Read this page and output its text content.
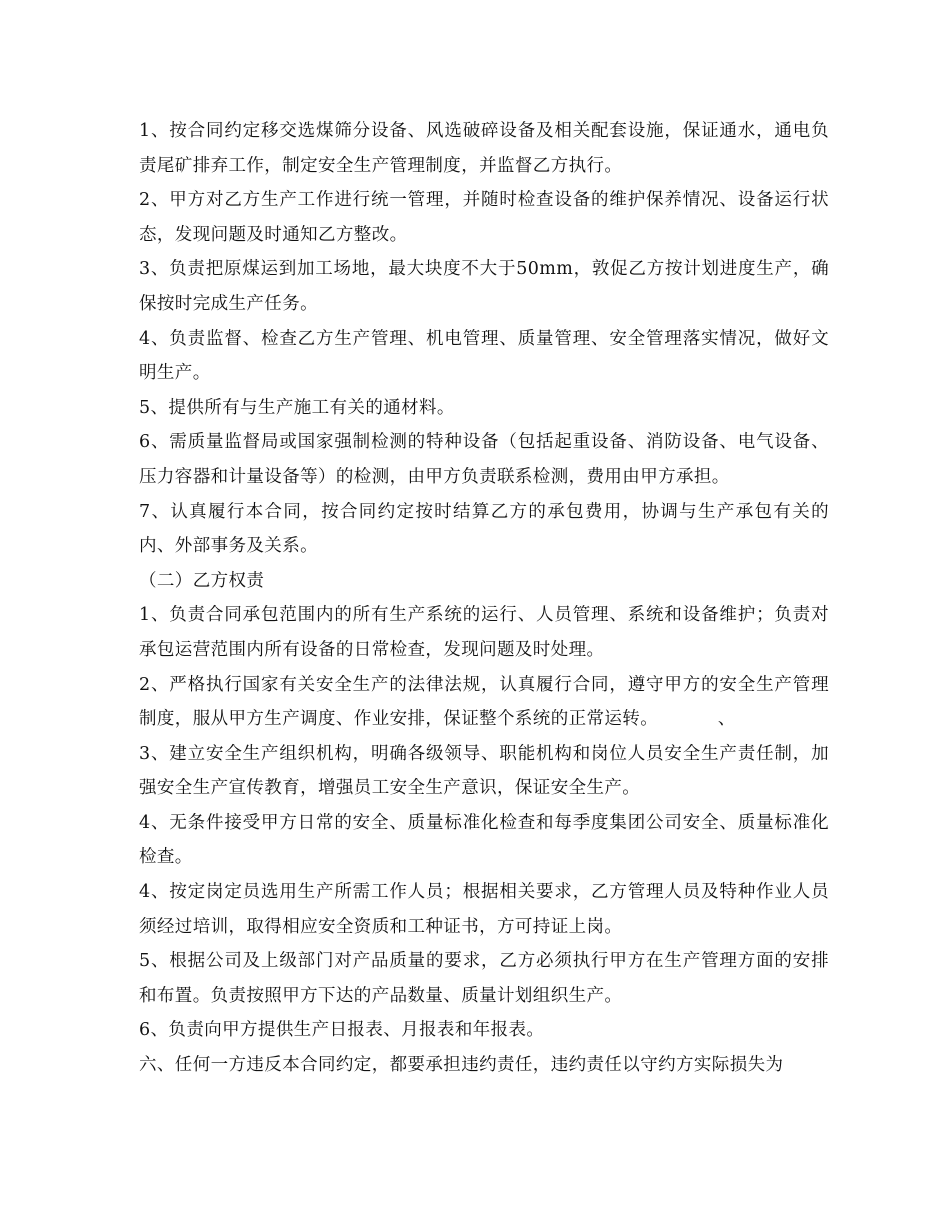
1、按合同约定移交选煤筛分设备、风选破碎设备及相关配套设施，保证通水，通电负责尾矿排弃工作，制定安全生产管理制度，并监督乙方执行。

2、甲方对乙方生产工作进行统一管理，并随时检查设备的维护保养情况、设备运行状态，发现问题及时通知乙方整改。

3、负责把原煤运到加工场地，最大块度不大于50mm，敦促乙方按计划进度生产，确保按时完成生产任务。

4、负责监督、检查乙方生产管理、机电管理、质量管理、安全管理落实情况，做好文明生产。

5、提供所有与生产施工有关的通材料。

6、需质量监督局或国家强制检测的特种设备（包括起重设备、消防设备、电气设备、压力容器和计量设备等）的检测，由甲方负责联系检测，费用由甲方承担。

7、认真履行本合同，按合同约定按时结算乙方的承包费用，协调与生产承包有关的内、外部事务及关系。

（二）乙方权责

1、负责合同承包范围内的所有生产系统的运行、人员管理、系统和设备维护；负责对承包运营范围内所有设备的日常检查，发现问题及时处理。

2、严格执行国家有关安全生产的法律法规，认真履行合同，遵守甲方的安全生产管理制度，服从甲方生产调度、作业安排，保证整个系统的正常运转。          、

3、建立安全生产组织机构，明确各级领导、职能机构和岗位人员安全生产责任制，加强安全生产宣传教育，增强员工安全生产意识，保证安全生产。

4、无条件接受甲方日常的安全、质量标准化检查和每季度集团公司安全、质量标准化检查。

4、按定岗定员选用生产所需工作人员；根据相关要求，乙方管理人员及特种作业人员须经过培训，取得相应安全资质和工种证书，方可持证上岗。

5、根据公司及上级部门对产品质量的要求，乙方必须执行甲方在生产管理方面的安排和布置。负责按照甲方下达的产品数量、质量计划组织生产。

6、负责向甲方提供生产日报表、月报表和年报表。

六、任何一方违反本合同约定，都要承担违约责任，违约责任以守约方实际损失为
